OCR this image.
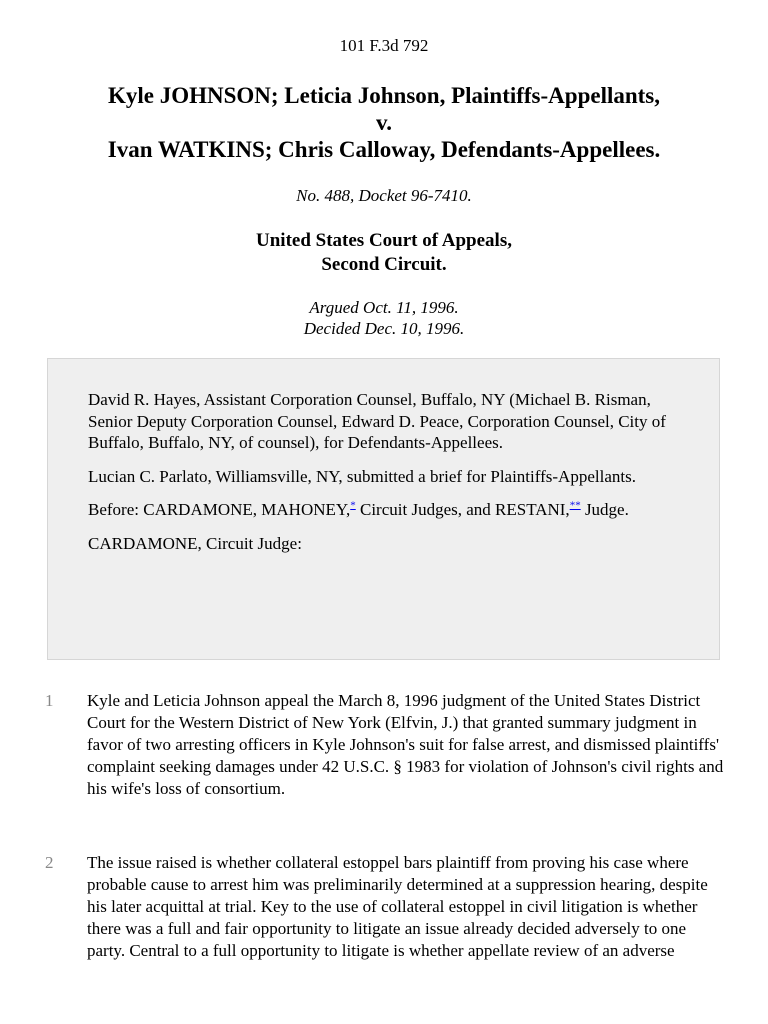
101 F.3d 792
Kyle JOHNSON; Leticia Johnson, Plaintiffs-Appellants,
v.
Ivan WATKINS; Chris Calloway, Defendants-Appellees.
No. 488, Docket 96-7410.
United States Court of Appeals,
Second Circuit.
Argued Oct. 11, 1996.
Decided Dec. 10, 1996.

David R. Hayes, Assistant Corporation Counsel, Buffalo, NY (Michael B. Risman, Senior Deputy Corporation Counsel, Edward D. Peace, Corporation Counsel, City of Buffalo, Buffalo, NY, of counsel), for Defendants-Appellees.

Lucian C. Parlato, Williamsville, NY, submitted a brief for Plaintiffs-Appellants.

Before: CARDAMONE, MAHONEY,* Circuit Judges, and RESTANI,** Judge.

CARDAMONE, Circuit Judge:

1 Kyle and Leticia Johnson appeal the March 8, 1996 judgment of the United States District Court for the Western District of New York (Elfvin, J.) that granted summary judgment in favor of two arresting officers in Kyle Johnson's suit for false arrest, and dismissed plaintiffs' complaint seeking damages under 42 U.S.C. § 1983 for violation of Johnson's civil rights and his wife's loss of consortium.
2 The issue raised is whether collateral estoppel bars plaintiff from proving his case where probable cause to arrest him was preliminarily determined at a suppression hearing, despite his later acquittal at trial. Key to the use of collateral estoppel in civil litigation is whether there was a full and fair opportunity to litigate an issue already decided adversely to one party. Central to a full opportunity to litigate is whether appellate review of an adverse
